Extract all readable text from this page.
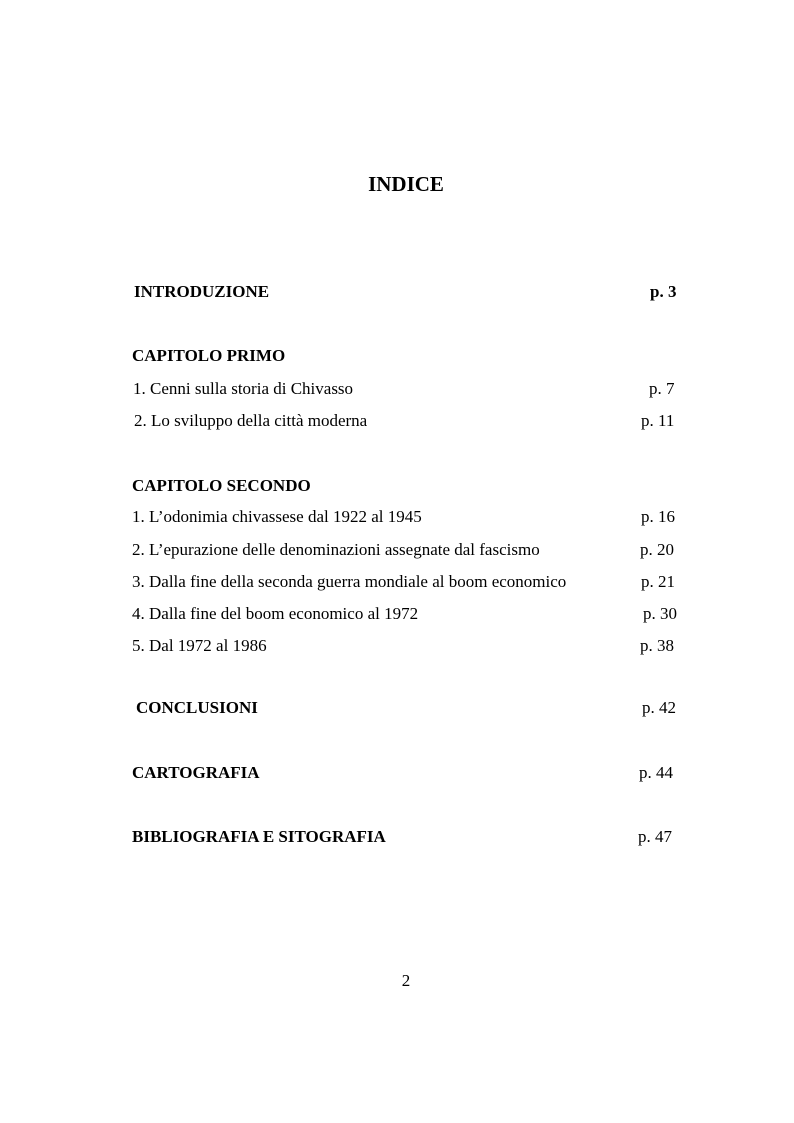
INDICE
INTRODUZIONE	p. 3
CAPITOLO PRIMO
1. Cenni sulla storia di Chivasso	p. 7
2. Lo sviluppo della città moderna	p. 11
CAPITOLO SECONDO
1. L’odonimia chivassese dal 1922 al 1945	p. 16
2. L’epurazione delle denominazioni assegnate dal fascismo	p. 20
3. Dalla fine della seconda guerra mondiale al boom economico	p. 21
4. Dalla fine del boom economico al 1972	p. 30
5. Dal 1972 al 1986	p. 38
CONCLUSIONI	p. 42
CARTOGRAFIA	p. 44
BIBLIOGRAFIA E SITOGRAFIA	p. 47
2
